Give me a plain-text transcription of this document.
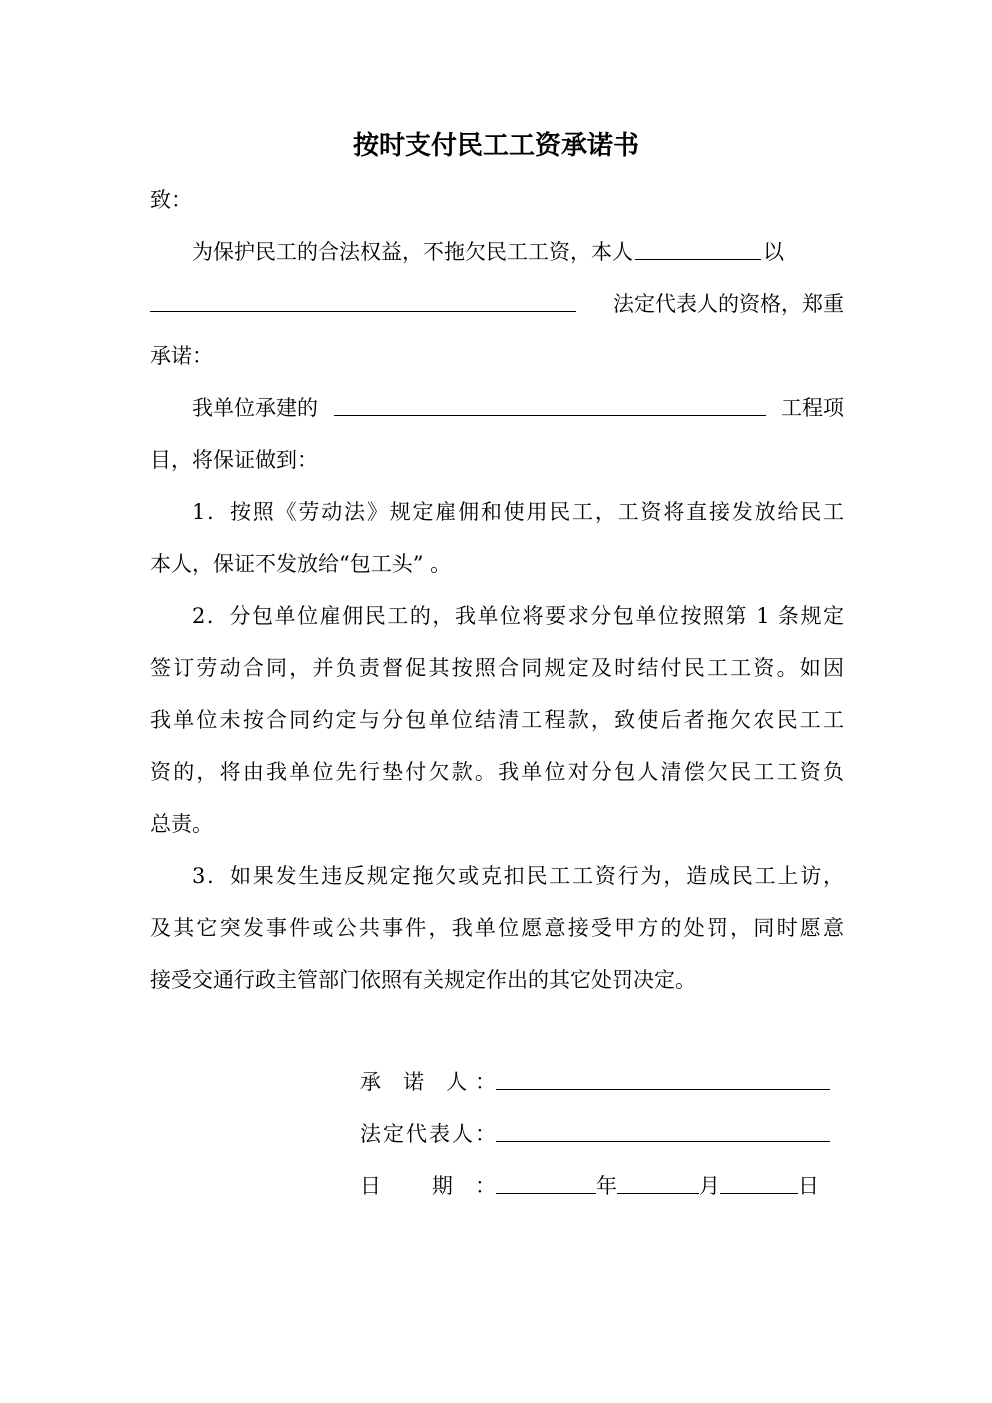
按时支付民工工资承诺书
致：
为保护民工的合法权益，不拖欠民工工资，本人	以
法定代表人的资格，郑重
承诺：
我单位承建的	工程项
目，将保证做到：
1．按照《劳动法》规定雇佣和使用民工，工资将直接发放给民工
本人，保证不发放给“包工头” 。
2．分包单位雇佣民工的，我单位将要求分包单位按照第 1 条规定
签订劳动合同，并负责督促其按照合同规定及时结付民工工资。如因
我单位未按合同约定与分包单位结清工程款，致使后者拖欠农民工工
资的，将由我单位先行垫付欠款。我单位对分包人清偿欠民工工资负
总责。
3．如果发生违反规定拖欠或克扣民工工资行为，造成民工上访，
及其它突发事件或公共事件，我单位愿意接受甲方的处罚，同时愿意
接受交通行政主管部门依照有关规定作出的其它处罚决定。
承 诺 人：
法定代表人：
日 期：	年	月	日
